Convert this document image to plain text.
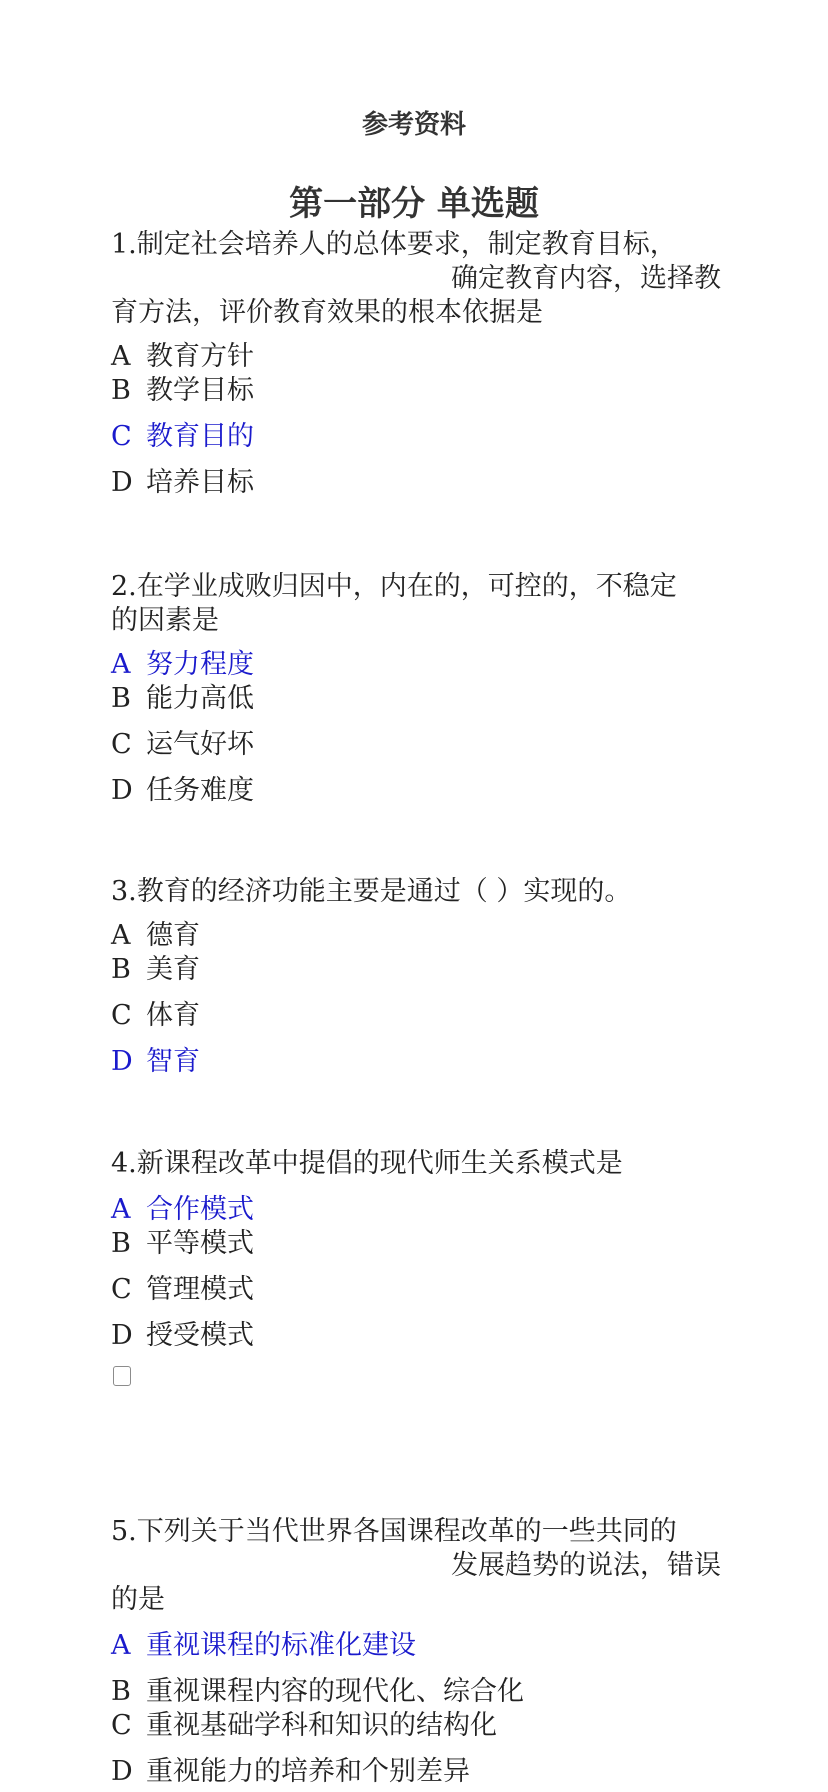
参考资料
第一部分 单选题
1.制定社会培养人的总体要求，制定教育目标，
确定教育内容，选择教
育方法，评价教育效果的根本依据是
A 教育方针
B 教学目标
C 教育目的
D 培养目标
2.在学业成败归因中，内在的，可控的，不稳定
的因素是
A 努力程度
B 能力高低
C 运气好坏
D 任务难度
3.教育的经济功能主要是通过（ ）实现的。
A 德育
B 美育
C 体育
D 智育
4.新课程改革中提倡的现代师生关系模式是
A 合作模式
B 平等模式
C 管理模式
D 授受模式
5.下列关于当代世界各国课程改革的一些共同的
发展趋势的说法，错误
的是
A 重视课程的标准化建设
B 重视课程内容的现代化、综合化
C 重视基础学科和知识的结构化
D 重视能力的培养和个别差异
